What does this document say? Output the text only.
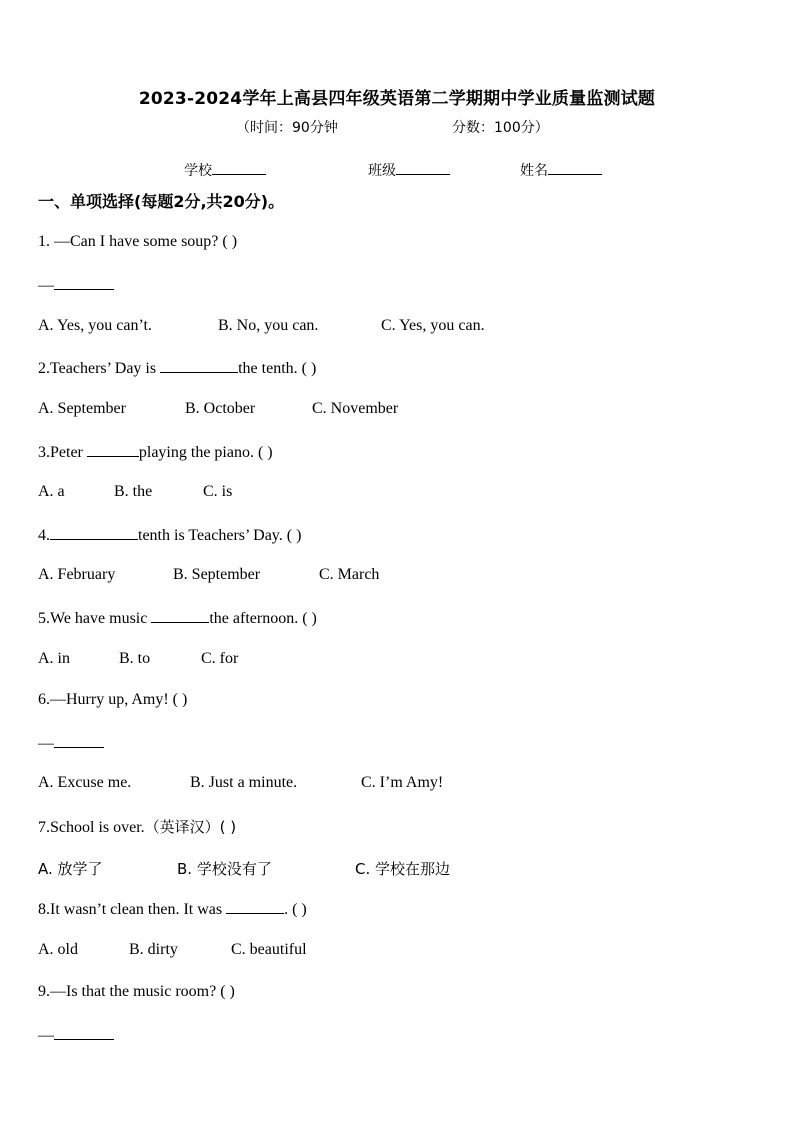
2023-2024学年上高县四年级英语第二学期期中学业质量监测试题
（时间：90分钟	分数：100分）
学校	班级	姓名
一、单项选择(每题2分,共20分)。
1. —Can I have some soup? ( )
—
A. Yes, you can’t.	B. No, you can.	C. Yes, you can.
2.Teachers’ Day is	the tenth. ( )
A. September	B. October	C. November
3.Peter	playing the piano. ( )
A. a	B. the	C. is
4.	tenth is Teachers’ Day. ( )
A. February	B. September	C. March
5.We have music	the afternoon. ( )
A. in	B. to	C. for
6.—Hurry up, Amy! ( )
—
A. Excuse me.	B. Just a minute.	C. I’m Amy!
7.School is over.（英译汉）( )
A. 放学了	B. 学校没有了	C. 学校在那边
8.It wasn’t clean then. It was	. ( )
A. old	B. dirty	C. beautiful
9.—Is that the music room? ( )
—
